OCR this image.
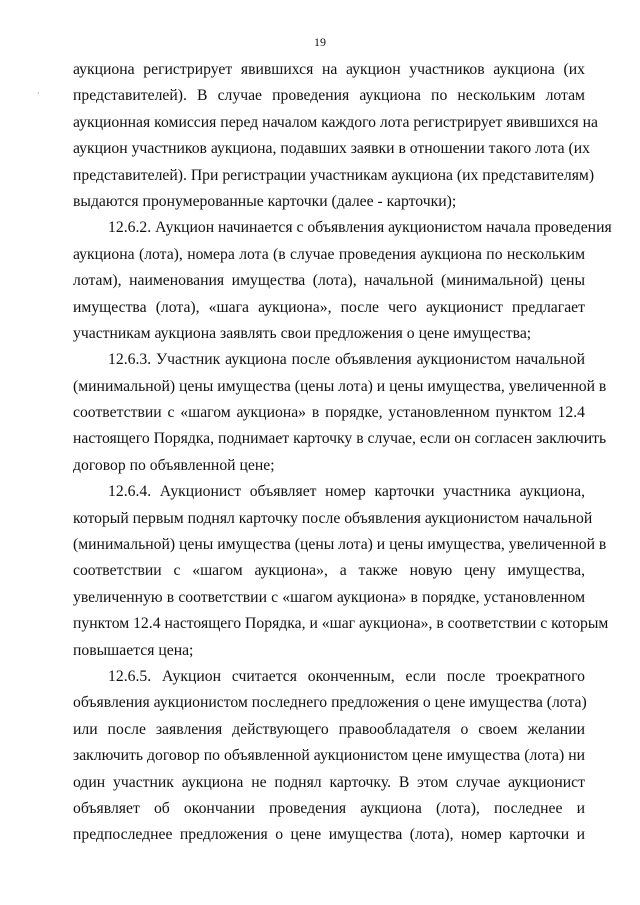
19
·
аукциона регистрирует явившихся на аукцион участников аукциона (их
представителей). В случае проведения аукциона по нескольким лотам
аукционная комиссия перед началом каждого лота регистрирует явившихся на
аукцион участников аукциона, подавших заявки в отношении такого лота (их
представителей). При регистрации участникам аукциона (их представителям)
выдаются пронумерованные карточки (далее - карточки);
12.6.2. Аукцион начинается с объявления аукционистом начала проведения
аукциона (лота), номера лота (в случае проведения аукциона по нескольким
лотам), наименования имущества (лота), начальной (минимальной) цены
имущества (лота), «шага аукциона», после чего аукционист предлагает
участникам аукциона заявлять свои предложения о цене имущества;
12.6.3. Участник аукциона после объявления аукционистом начальной
(минимальной) цены имущества (цены лота) и цены имущества, увеличенной в
соответствии с «шагом аукциона» в порядке, установленном пунктом 12.4
настоящего Порядка, поднимает карточку в случае, если он согласен заключить
договор по объявленной цене;
12.6.4. Аукционист объявляет номер карточки участника аукциона,
который первым поднял карточку после объявления аукционистом начальной
(минимальной) цены имущества (цены лота) и цены имущества, увеличенной в
соответствии с «шагом аукциона», а также новую цену имущества,
увеличенную в соответствии с «шагом аукциона» в порядке, установленном
пунктом 12.4 настоящего Порядка, и «шаг аукциона», в соответствии с которым
повышается цена;
12.6.5. Аукцион считается оконченным, если после троекратного
объявления аукционистом последнего предложения о цене имущества (лота)
или после заявления действующего правообладателя о своем желании
заключить договор по объявленной аукционистом цене имущества (лота) ни
один участник аукциона не поднял карточку. В этом случае аукционист
объявляет об окончании проведения аукциона (лота), последнее и
предпоследнее предложения о цене имущества (лота), номер карточки и
